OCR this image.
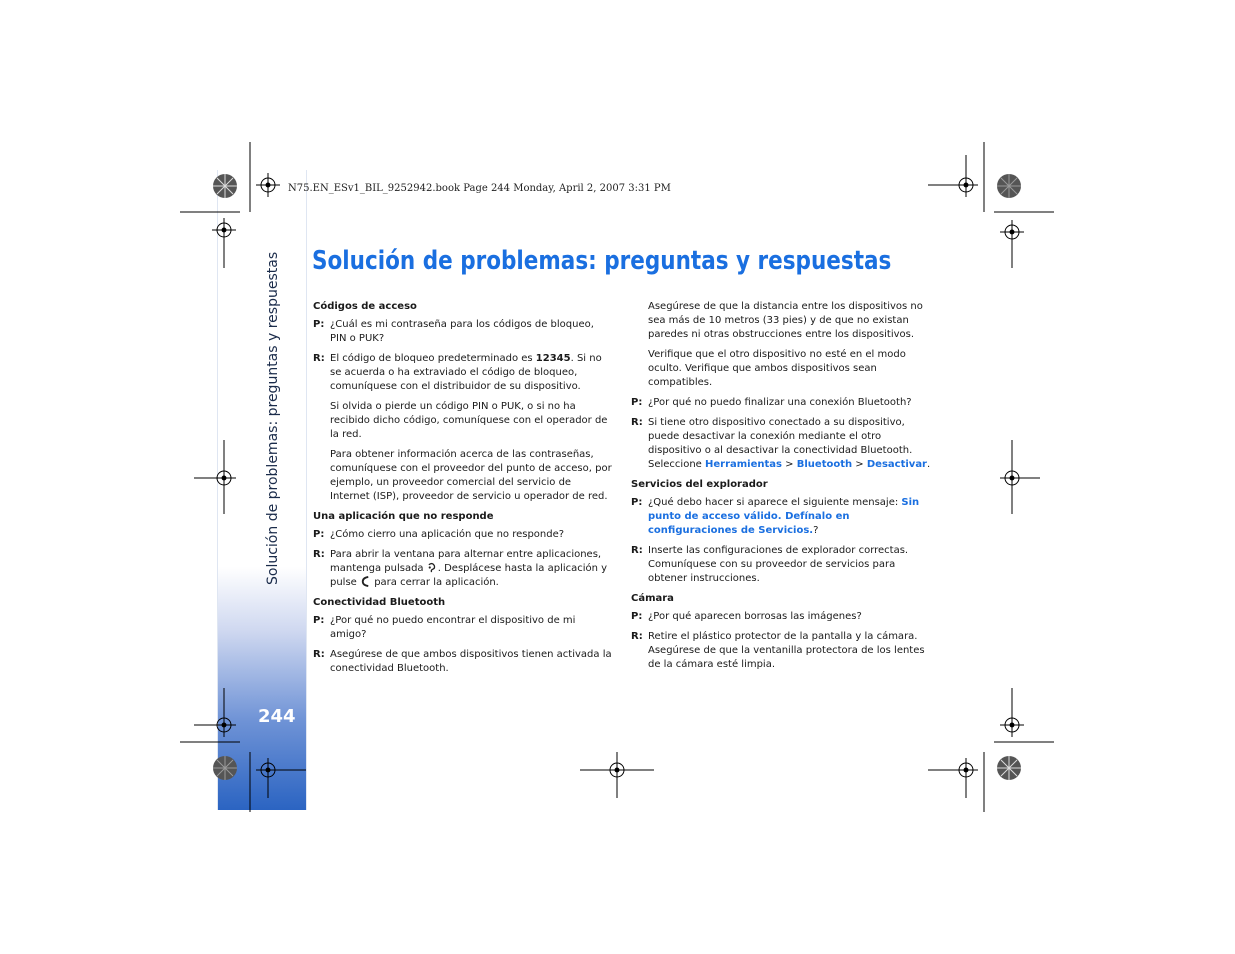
Solución de problemas: preguntas y respuestas
244
N75.EN_ESv1_BIL_9252942.book Page 244 Monday, April 2, 2007 3:31 PM
Solución de problemas: preguntas y respuestas
Códigos de acceso
P: ¿Cuál es mi contraseña para los códigos de bloqueo, PIN o PUK?
R: El código de bloqueo predeterminado es 12345. Si no se acuerda o ha extraviado el código de bloqueo, comuníquese con el distribuidor de su dispositivo.
Si olvida o pierde un código PIN o PUK, o si no ha recibido dicho código, comuníquese con el operador de la red.
Para obtener información acerca de las contraseñas, comuníquese con el proveedor del punto de acceso, por ejemplo, un proveedor comercial del servicio de Internet (ISP), proveedor de servicio u operador de red.
Una aplicación que no responde
P: ¿Cómo cierro una aplicación que no responde?
R: Para abrir la ventana para alternar entre aplicaciones, mantenga pulsada . Desplácese hasta la aplicación y pulse  para cerrar la aplicación.
Conectividad Bluetooth
P: ¿Por qué no puedo encontrar el dispositivo de mi amigo?
R: Asegúrese de que ambos dispositivos tienen activada la conectividad Bluetooth.
Asegúrese de que la distancia entre los dispositivos no sea más de 10 metros (33 pies) y de que no existan paredes ni otras obstrucciones entre los dispositivos.
Verifique que el otro dispositivo no esté en el modo oculto. Verifique que ambos dispositivos sean compatibles.
P: ¿Por qué no puedo finalizar una conexión Bluetooth?
R: Si tiene otro dispositivo conectado a su dispositivo, puede desactivar la conexión mediante el otro dispositivo o al desactivar la conectividad Bluetooth. Seleccione Herramientas > Bluetooth > Desactivar.
Servicios del explorador
P: ¿Qué debo hacer si aparece el siguiente mensaje: Sin punto de acceso válido. Defínalo en configuraciones de Servicios.?
R: Inserte las configuraciones de explorador correctas. Comuníquese con su proveedor de servicios para obtener instrucciones.
Cámara
P: ¿Por qué aparecen borrosas las imágenes?
R: Retire el plástico protector de la pantalla y la cámara. Asegúrese de que la ventanilla protectora de los lentes de la cámara esté limpia.
